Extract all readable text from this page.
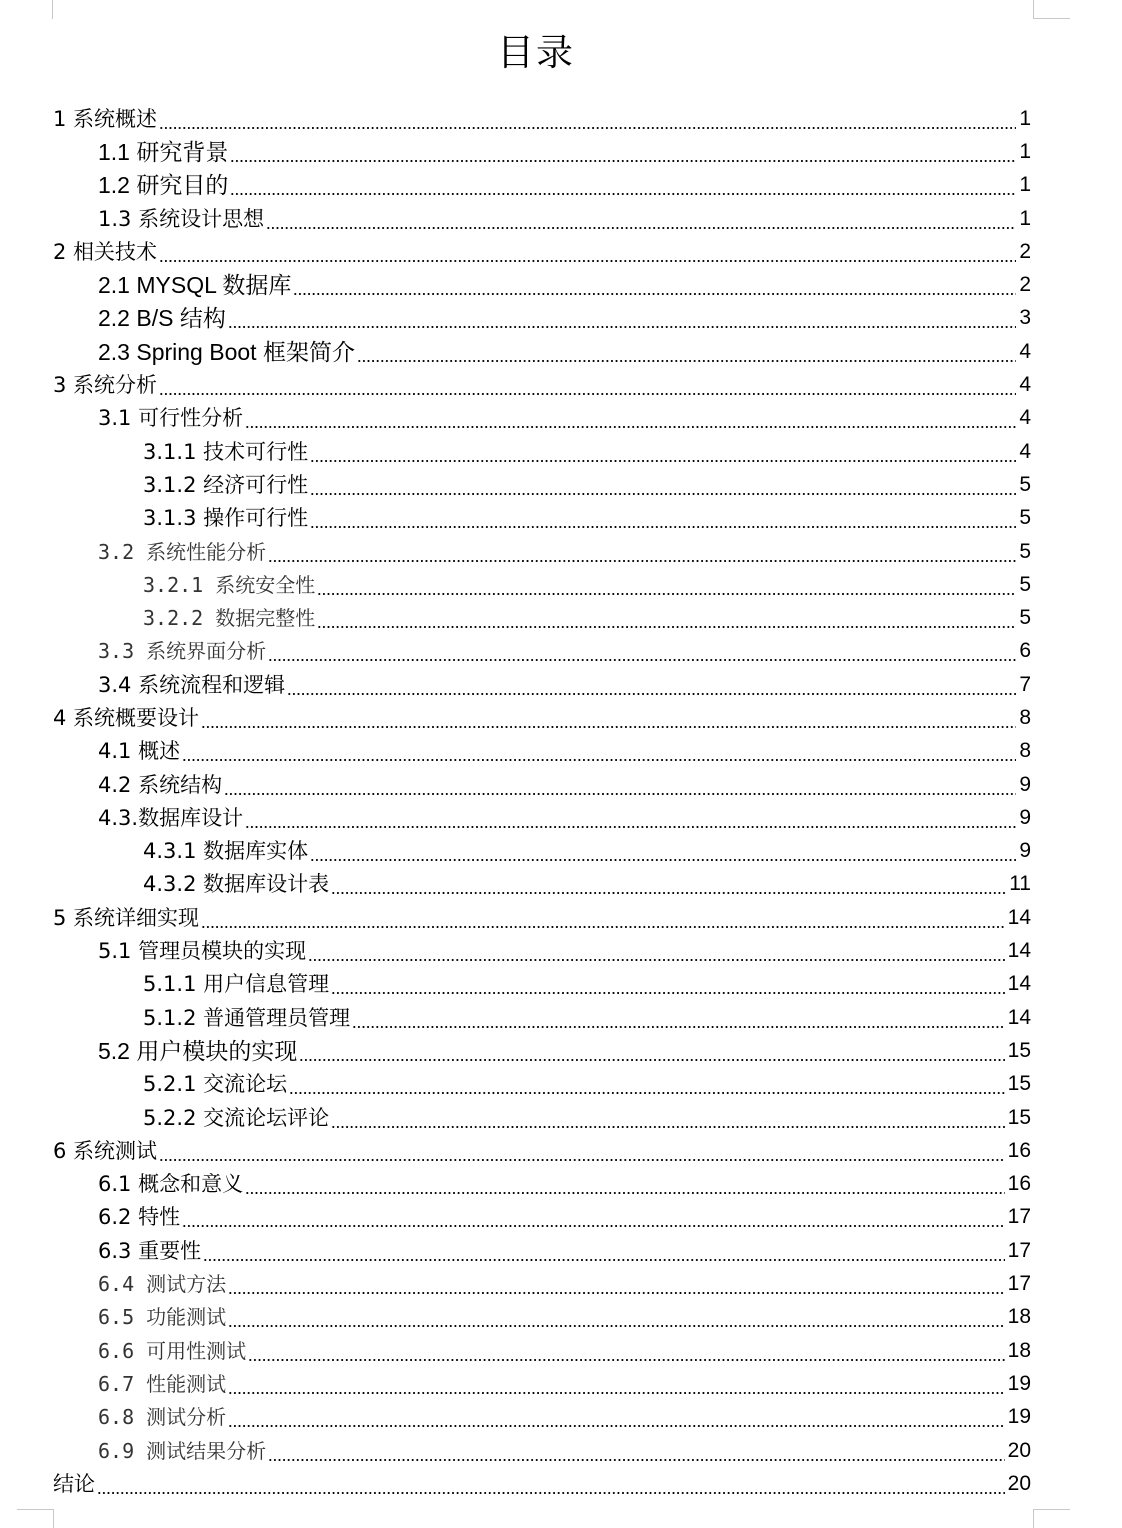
目录
1 系统概述	1
1.1 研究背景	1
1.2 研究目的	1
1.3 系统设计思想	1
2 相关技术	2
2.1 MYSQL 数据库	2
2.2 B/S 结构	3
2.3 Spring Boot 框架简介	4
3 系统分析	4
3.1 可行性分析	4
3.1.1 技术可行性	4
3.1.2 经济可行性	5
3.1.3 操作可行性	5
3.2 系统性能分析	5
3.2.1 系统安全性	5
3.2.2 数据完整性	5
3.3 系统界面分析	6
3.4 系统流程和逻辑	7
4 系统概要设计	8
4.1 概述	8
4.2 系统结构	9
4.3.数据库设计	9
4.3.1 数据库实体	9
4.3.2 数据库设计表	11
5 系统详细实现	14
5.1 管理员模块的实现	14
5.1.1 用户信息管理	14
5.1.2 普通管理员管理	14
5.2 用户模块的实现	15
5.2.1 交流论坛	15
5.2.2 交流论坛评论	15
6 系统测试	16
6.1 概念和意义	16
6.2 特性	17
6.3 重要性	17
6.4 测试方法	17
6.5 功能测试	18
6.6 可用性测试	18
6.7 性能测试	19
6.8 测试分析	19
6.9 测试结果分析	20
结论	20
